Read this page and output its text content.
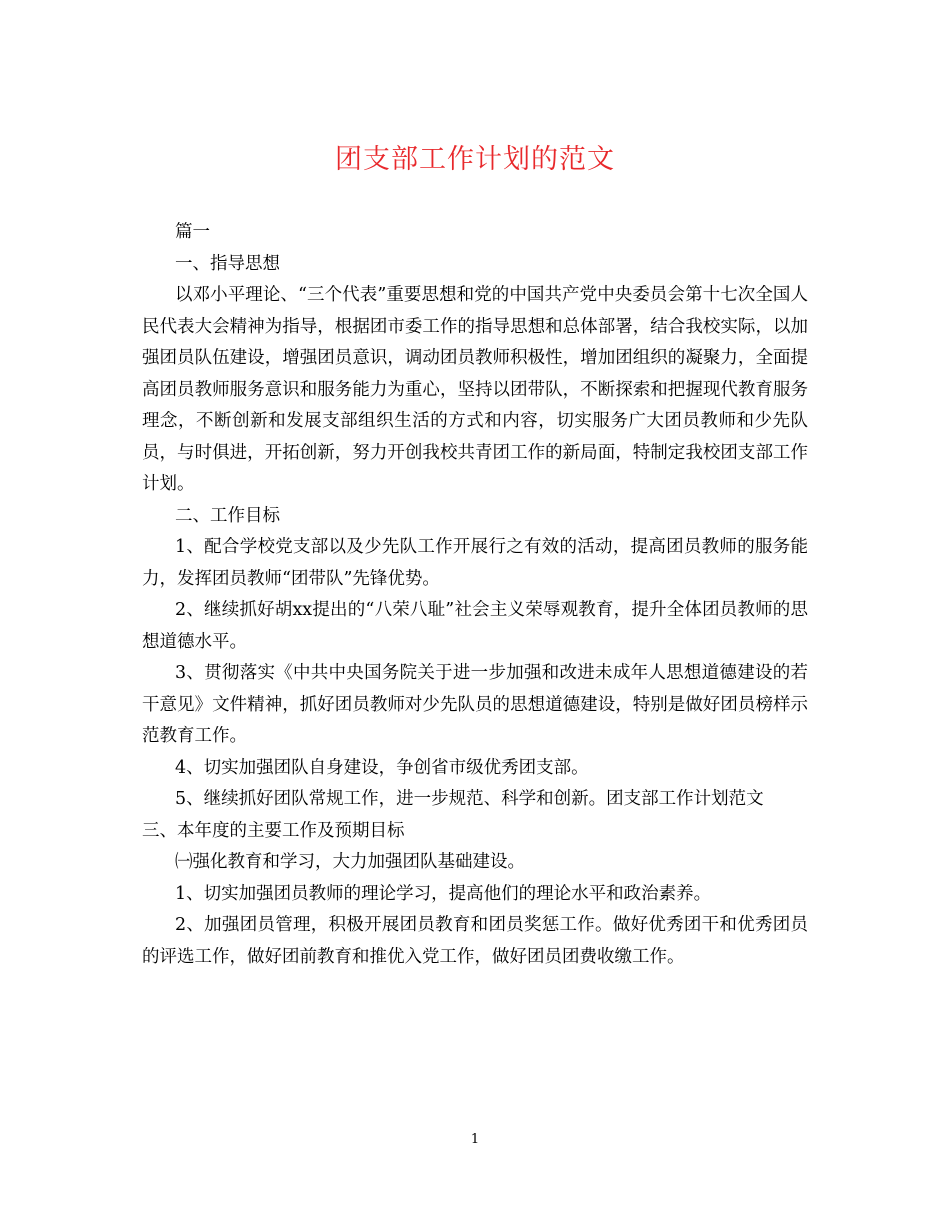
团支部工作计划的范文

篇一

一、指导思想

以邓小平理论、“三个代表”重要思想和党的中国共产党中央委员会第十七次全国人民代表大会精神为指导，根据团市委工作的指导思想和总体部署，结合我校实际，以加强团员队伍建设，增强团员意识，调动团员教师积极性，增加团组织的凝聚力，全面提高团员教师服务意识和服务能力为重心，坚持以团带队，不断探索和把握现代教育服务理念，不断创新和发展支部组织生活的方式和内容，切实服务广大团员教师和少先队员，与时俱进，开拓创新，努力开创我校共青团工作的新局面，特制定我校团支部工作计划。

二、工作目标

1、配合学校党支部以及少先队工作开展行之有效的活动，提高团员教师的服务能力，发挥团员教师“团带队”先锋优势。

2、继续抓好胡xx提出的“八荣八耻”社会主义荣辱观教育，提升全体团员教师的思想道德水平。

3、贯彻落实《中共中央国务院关于进一步加强和改进未成年人思想道德建设的若干意见》文件精神，抓好团员教师对少先队员的思想道德建设，特别是做好团员榜样示范教育工作。

4、切实加强团队自身建设，争创省市级优秀团支部。

5、继续抓好团队常规工作，进一步规范、科学和创新。团支部工作计划范文

三、本年度的主要工作及预期目标

㈠强化教育和学习，大力加强团队基础建设。

1、切实加强团员教师的理论学习，提高他们的理论水平和政治素养。

2、加强团员管理，积极开展团员教育和团员奖惩工作。做好优秀团干和优秀团员的评选工作，做好团前教育和推优入党工作，做好团员团费收缴工作。

1
